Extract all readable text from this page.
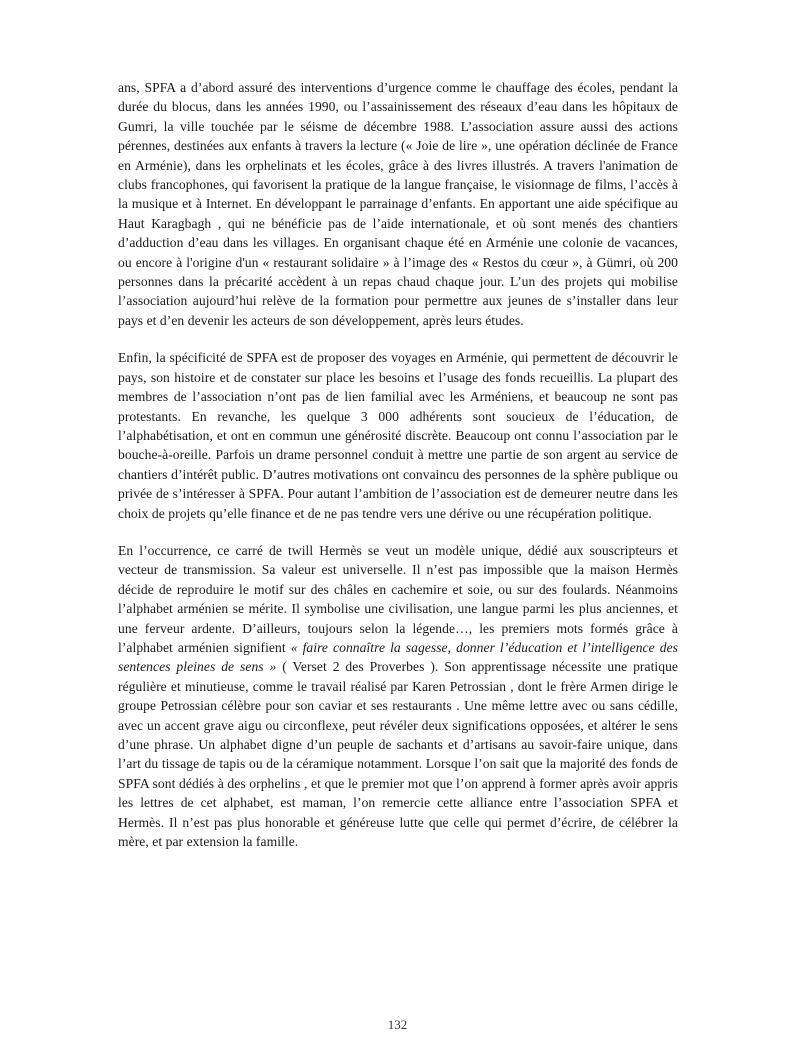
ans, SPFA a d’abord assuré des interventions d’urgence comme le chauffage des écoles, pendant la durée du blocus, dans les années 1990, ou l’assainissement des réseaux d’eau dans les hôpitaux de Gumri, la ville touchée par le séisme de décembre 1988. L’association assure aussi des actions pérennes, destinées aux enfants à travers la lecture (« Joie de lire », une opération déclinée de France en Arménie), dans les orphelinats et les écoles, grâce à des livres illustrés. A travers l'animation de clubs francophones, qui favorisent la pratique de la langue française, le visionnage de films, l’accès à la musique et à Internet. En développant le parrainage d’enfants. En apportant une aide spécifique au Haut Karagbagh , qui ne bénéficie pas de l’aide internationale, et où sont menés des chantiers d’adduction d’eau dans les villages. En organisant chaque été en Arménie une colonie de vacances, ou encore à l'origine d'un « restaurant solidaire » à l’image des « Restos du cœur », à Gümri, où 200 personnes dans la précarité accèdent à un repas chaud chaque jour. L’un des projets qui mobilise l’association aujourd’hui relève de la formation pour permettre aux jeunes de s’installer dans leur pays et d’en devenir les acteurs de son développement, après leurs études.

Enfin, la spécificité de SPFA est de proposer des voyages en Arménie, qui permettent de découvrir le pays, son histoire et de constater sur place les besoins et l’usage des fonds recueillis. La plupart des membres de l’association n’ont pas de lien familial avec les Arméniens, et beaucoup ne sont pas protestants. En revanche, les quelque 3 000 adhérents sont soucieux de l’éducation, de l’alphabétisation, et ont en commun une générosité discrète. Beaucoup ont connu l’association par le bouche-à-oreille. Parfois un drame personnel conduit à mettre une partie de son argent au service de chantiers d’intérêt public. D’autres motivations ont convaincu des personnes de la sphère publique ou privée de s’intéresser à SPFA. Pour autant l’ambition de l’association est de demeurer neutre dans les choix de projets qu’elle finance et de ne pas tendre vers une dérive ou une récupération politique.

En l’occurrence, ce carré de twill Hermès se veut un modèle unique, dédié aux souscripteurs et vecteur de transmission. Sa valeur est universelle. Il n’est pas impossible que la maison Hermès décide de reproduire le motif sur des châles en cachemire et soie, ou sur des foulards. Néanmoins l’alphabet arménien se mérite. Il symbolise une civilisation, une langue parmi les plus anciennes, et une ferveur ardente. D’ailleurs, toujours selon la légende…, les premiers mots formés grâce à l’alphabet arménien signifient « faire connaître la sagesse, donner l’éducation et l’intelligence des sentences pleines de sens » ( Verset 2 des Proverbes ). Son apprentissage nécessite une pratique régulière et minutieuse, comme le travail réalisé par Karen Petrossian , dont le frère Armen dirige le groupe Petrossian célèbre pour son caviar et ses restaurants . Une même lettre avec ou sans cédille, avec un accent grave aigu ou circonflexe, peut révéler deux significations opposées, et altérer le sens d’une phrase. Un alphabet digne d’un peuple de sachants et d’artisans au savoir-faire unique, dans l’art du tissage de tapis ou de la céramique notamment. Lorsque l’on sait que la majorité des fonds de SPFA sont dédiés à des orphelins , et que le premier mot que l’on apprend à former après avoir appris les lettres de cet alphabet, est maman, l’on remercie cette alliance entre l’association SPFA et Hermès. Il n’est pas plus honorable et généreuse lutte que celle qui permet d’écrire, de célébrer la mère, et par extension la famille.

132
